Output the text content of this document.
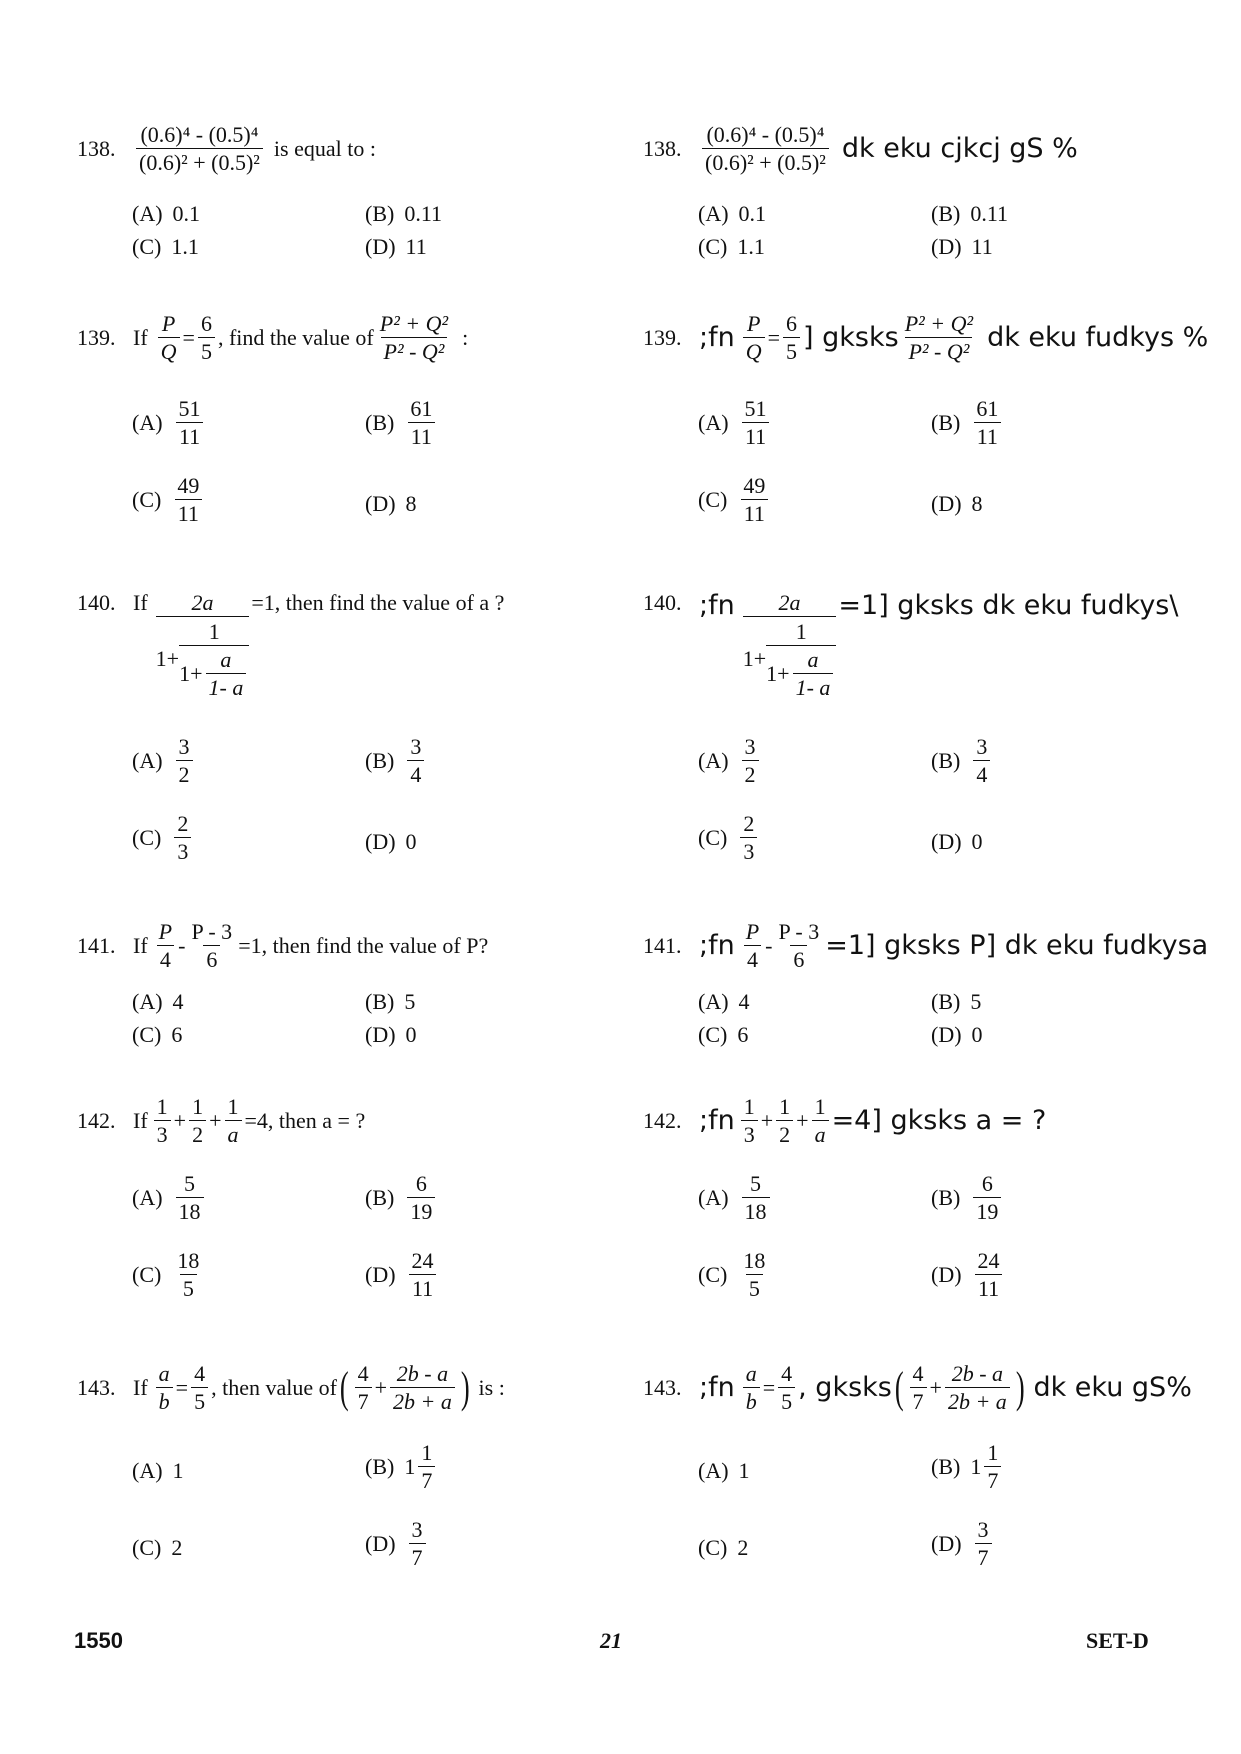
138. $\frac{\text{(0.6)⁴ - (0.5)⁴}}{\text{(0.6)² + (0.5)²}}$ is equal to :
(A) 0.1	(B) 0.11
(C) 1.1	(D) 11
139. If $\frac{P}{Q} = \frac{6}{5}$ , find the value of $\frac{\text{P² + Q²}}{\text{P² - Q²}}$ :
$(A) \frac{51}{11}$	$(B) \frac{61}{11}$
$(C) \frac{49}{11}$	(D) 8
140. If	2a
$1+ \frac{1}{1+ \frac{a}{1- a}}$
=1, then find the value of a ?
$(A) \frac{3}{2}$	$(B) \frac{3}{4}$
$(C) \frac{2}{3}$	(D) 0
141. If $\frac{P}{4} - \frac{P - 3}{6} =1$, then find the value of P?
(A) 4	(B) 5
(C) 6	(D) 0
142. If $\frac{1}{3} + \frac{1}{2} + \frac{1}{a} =4$, then a = ?
$(A) \frac{5}{18}$	$(B) \frac{6}{19}$
$(C) \frac{18}{5}$	$(D) \frac{24}{11}$
143. If $\frac{a}{b} = \frac{4}{5}$ , then value of ( $\frac{4}{7} + \frac{2b - a}{2b + a}$ ) is :
(A) 1	(B) $1 \frac{1}{7}$
(C) 2	$(D) \frac{3}{7}$
138. $\frac{\text{(0.6)⁴ - (0.5)⁴}}{\text{(0.6)² + (0.5)²}}$ dk eku cjkcj gS %
(A) 0.1	(B) 0.11
(C) 1.1	(D) 11
139. ;fn $\frac{P}{Q} = \frac{6}{5}$ ] gksks $\frac{\text{P² + Q²}}{\text{P² - Q²}}$ dk eku fudkys %
$(A) \frac{51}{11}$	$(B) \frac{61}{11}$
$(C) \frac{49}{11}$	(D) 8
140. ;fn	2a
$1+ \frac{1}{1+ \frac{a}{1- a}}$
=1] gksks dk eku fudkys\
$(A) \frac{3}{2}$	$(B) \frac{3}{4}$
$(C) \frac{2}{3}$	(D) 0
141. ;fn $\frac{P}{4} - \frac{P - 3}{6} =1$] gksks P] dk eku fudkysa
(A) 4	(B) 5
(C) 6	(D) 0
142. ;fn $\frac{1}{3} + \frac{1}{2} + \frac{1}{a} =4$] gksks a = ?
$(A) \frac{5}{18}$	$(B) \frac{6}{19}$
$(C) \frac{18}{5}$	$(D) \frac{24}{11}$
143. ;fn $\frac{a}{b} = \frac{4}{5}$ , gksks ( $\frac{4}{7} + \frac{2b - a}{2b + a}$ ) dk eku gS%
(A) 1	(B) $1 \frac{1}{7}$
(C) 2	$(D) \frac{3}{7}$
1550	21	SET-D
